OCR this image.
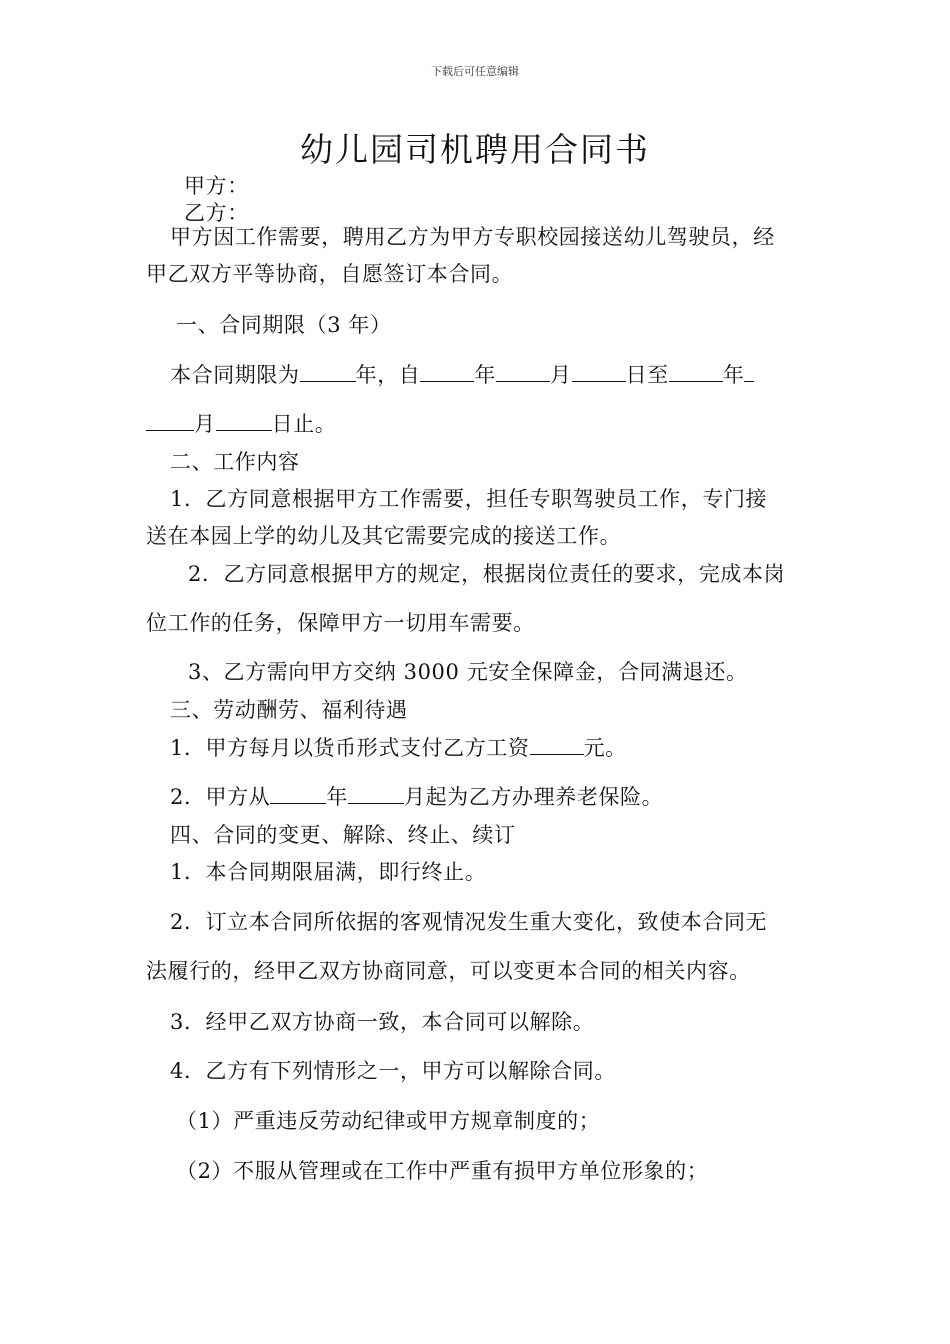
下载后可任意编辑
幼儿园司机聘用合同书
甲方：
乙方：
甲方因工作需要，聘用乙方为甲方专职校园接送幼儿驾驶员，经
甲乙双方平等协商，自愿签订本合同。
一、合同期限（3 年）
本合同期限为	年，自	年	月	日至	年
月	日止。
二、工作内容
1．乙方同意根据甲方工作需要，担任专职驾驶员工作，专门接
送在本园上学的幼儿及其它需要完成的接送工作。
2．乙方同意根据甲方的规定，根据岗位责任的要求，完成本岗
位工作的任务，保障甲方一切用车需要。
3、乙方需向甲方交纳 3000 元安全保障金，合同满退还。
三、劳动酬劳、福利待遇
1．甲方每月以货币形式支付乙方工资	元。
2．甲方从	年	月起为乙方办理养老保险。
四、合同的变更、解除、终止、续订
1．本合同期限届满，即行终止。
2．订立本合同所依据的客观情况发生重大变化，致使本合同无
法履行的，经甲乙双方协商同意，可以变更本合同的相关内容。
3．经甲乙双方协商一致，本合同可以解除。
4．乙方有下列情形之一，甲方可以解除合同。
（1）严重违反劳动纪律或甲方规章制度的；
（2）不服从管理或在工作中严重有损甲方单位形象的；
